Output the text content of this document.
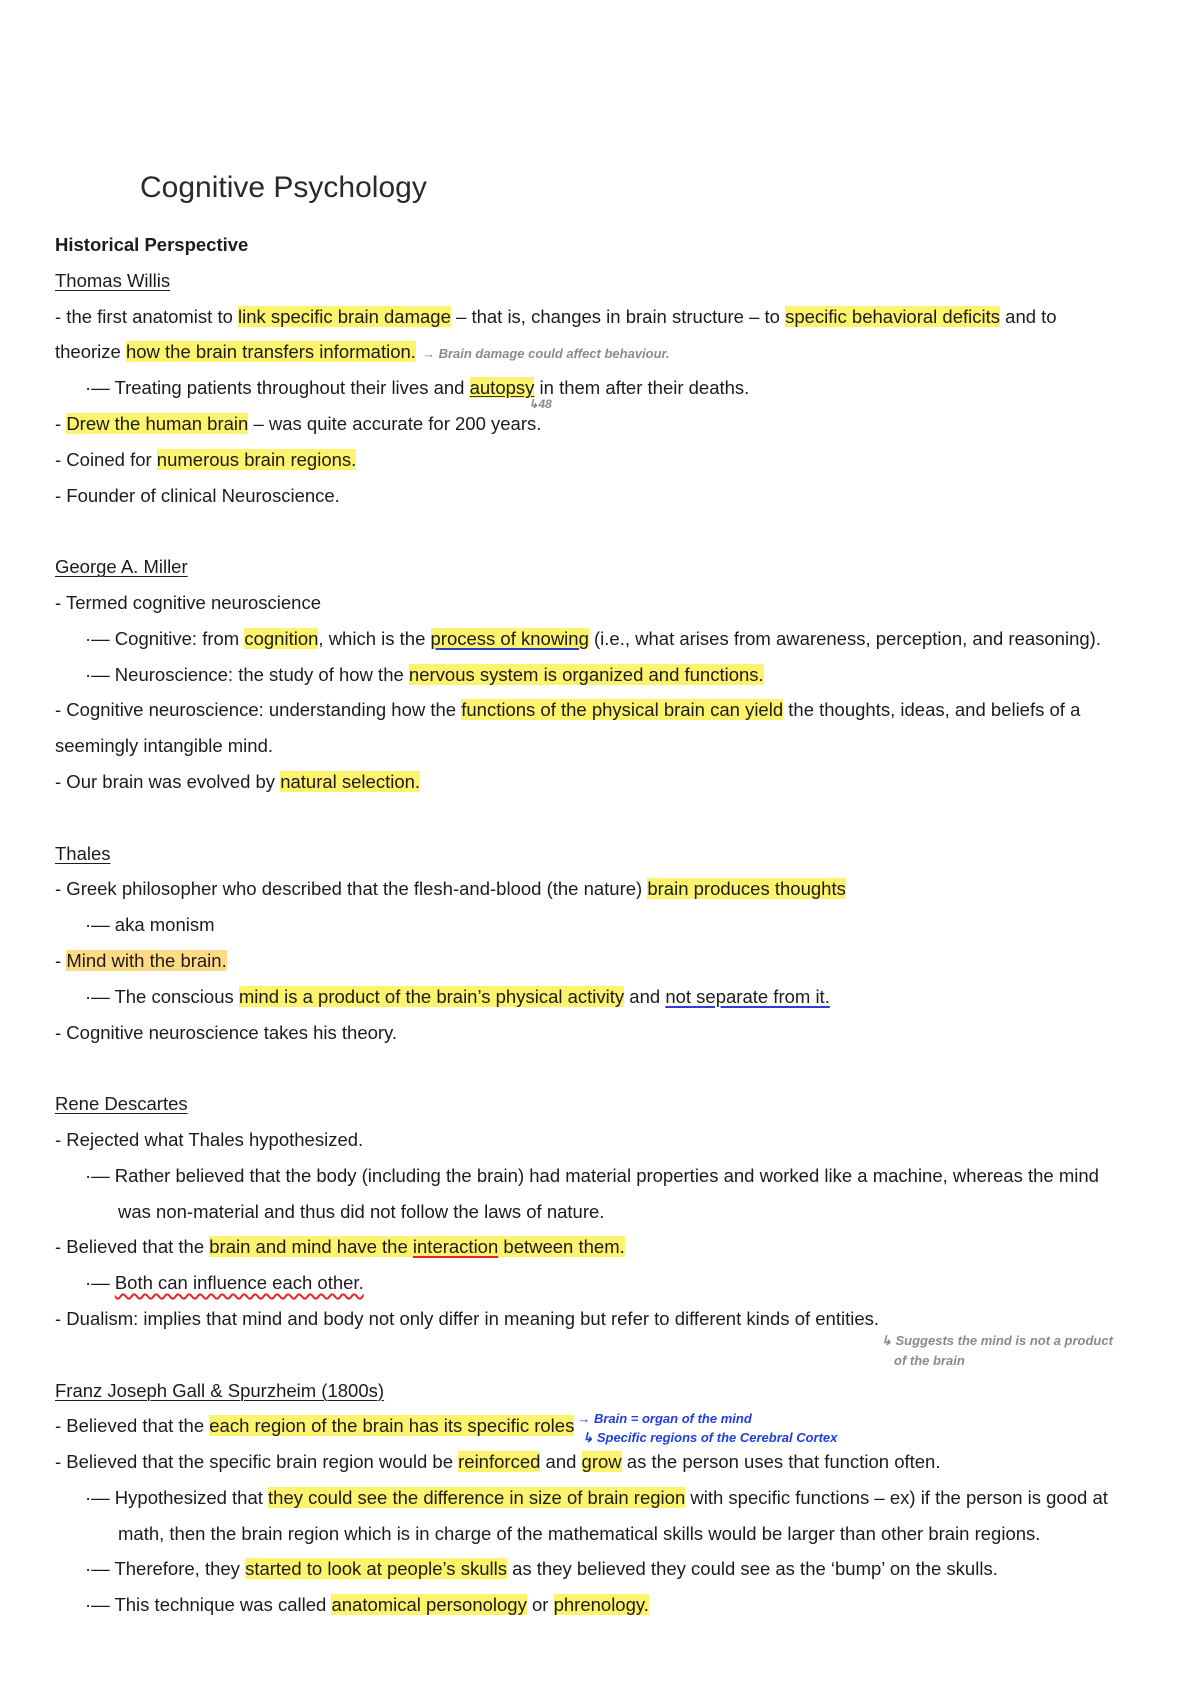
Cognitive Psychology
Historical Perspective
Thomas Willis
- the first anatomist to link specific brain damage – that is, changes in brain structure – to specific behavioral deficits and to
theorize how the brain transfers information. → Brain damage could affect behaviour.
·— Treating patients throughout their lives and autopsy
↳48
in them after their deaths.
- Drew the human brain – was quite accurate for 200 years.
- Coined for numerous brain regions.
- Founder of clinical Neuroscience.
George A. Miller
- Termed cognitive neuroscience
·— Cognitive: from cognition, which is the process of knowing (i.e., what arises from awareness, perception, and reasoning).
·— Neuroscience: the study of how the nervous system is organized and functions.
- Cognitive neuroscience: understanding how the functions of the physical brain can yield the thoughts, ideas, and beliefs of a
seemingly intangible mind.
- Our brain was evolved by natural selection.
Thales
- Greek philosopher who described that the flesh-and-blood (the nature) brain produces thoughts
·— aka monism
- Mind with the brain.
·— The conscious mind is a product of the brain’s physical activity and not separate from it.
- Cognitive neuroscience takes his theory.
Rene Descartes
- Rejected what Thales hypothesized.
·— Rather believed that the body (including the brain) had material properties and worked like a machine, whereas the mind
was non-material and thus did not follow the laws of nature.
- Believed that the brain and mind have the interaction between them.
·— Both can influence each other.
- Dualism: implies that mind and body not only differ in meaning but refer to different kinds of entities.
↳ Suggests the mind is not a product
of the brain
Franz Joseph Gall & Spurzheim (1800s)
- Believed that the each region of the brain has its specific roles → Brain = organ of the mind
↳ Specific regions of the Cerebral Cortex
- Believed that the specific brain region would be reinforced and grow as the person uses that function often.
·— Hypothesized that they could see the difference in size of brain region with specific functions – ex) if the person is good at
math, then the brain region which is in charge of the mathematical skills would be larger than other brain regions.
·— Therefore, they started to look at people’s skulls as they believed they could see as the ‘bump’ on the skulls.
·— This technique was called anatomical personology or phrenology.
